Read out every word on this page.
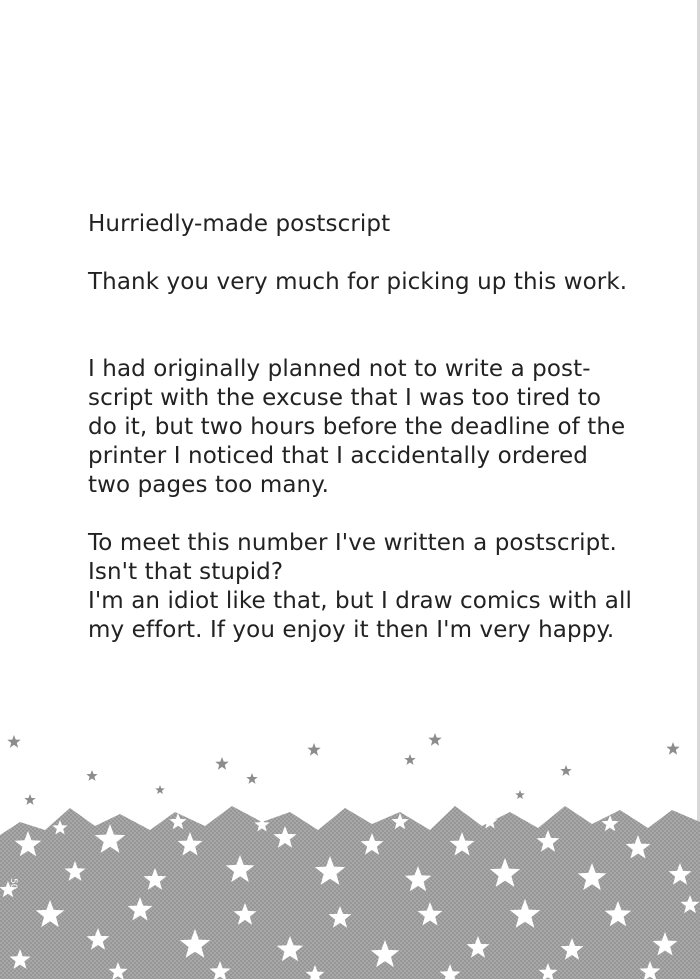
Hurriedly-made postscript

Thank you very much for picking up this work.

I had originally planned not to write a post-
script with the excuse that I was too tired to
do it, but two hours before the deadline of the
printer I noticed that I accidentally ordered
two pages too many.

To meet this number I've written a postscript.
Isn't that stupid?
I'm an idiot like that, but I draw comics with all
my effort. If you enjoy it then I'm very happy.

50
